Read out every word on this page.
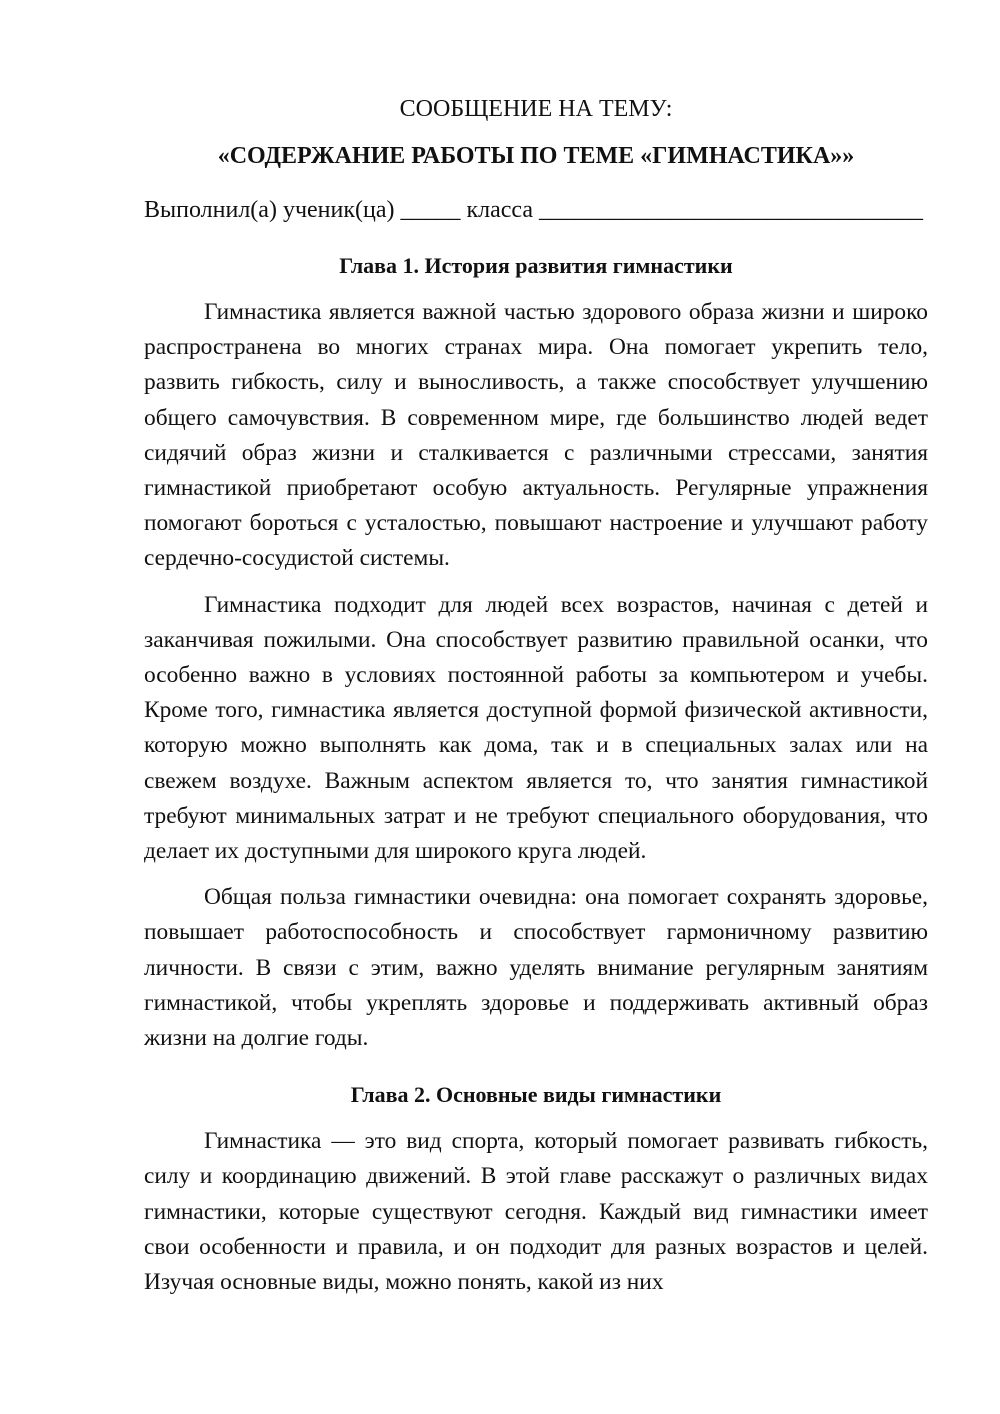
СООБЩЕНИЕ НА ТЕМУ:

«СОДЕРЖАНИЕ РАБОТЫ ПО ТЕМЕ «ГИМНАСТИКА»»

Выполнил(а) ученик(ца) _____ класса ________________________________

Глава 1. История развития гимнастики

Гимнастика является важной частью здорового образа жизни и широко распространена во многих странах мира. Она помогает укрепить тело, развить гибкость, силу и выносливость, а также способствует улучшению общего самочувствия. В современном мире, где большинство людей ведет сидячий образ жизни и сталкивается с различными стрессами, занятия гимнастикой приобретают особую актуальность. Регулярные упражнения помогают бороться с усталостью, повышают настроение и улучшают работу сердечно-сосудистой системы.

Гимнастика подходит для людей всех возрастов, начиная с детей и заканчивая пожилыми. Она способствует развитию правильной осанки, что особенно важно в условиях постоянной работы за компьютером и учебы. Кроме того, гимнастика является доступной формой физической активности, которую можно выполнять как дома, так и в специальных залах или на свежем воздухе. Важным аспектом является то, что занятия гимнастикой требуют минимальных затрат и не требуют специального оборудования, что делает их доступными для широкого круга людей.

Общая польза гимнастики очевидна: она помогает сохранять здоровье, повышает работоспособность и способствует гармоничному развитию личности. В связи с этим, важно уделять внимание регулярным занятиям гимнастикой, чтобы укреплять здоровье и поддерживать активный образ жизни на долгие годы.

Глава 2. Основные виды гимнастики

Гимнастика — это вид спорта, который помогает развивать гибкость, силу и координацию движений. В этой главе расскажут о различных видах гимнастики, которые существуют сегодня. Каждый вид гимнастики имеет свои особенности и правила, и он подходит для разных возрастов и целей. Изучая основные виды, можно понять, какой из них
